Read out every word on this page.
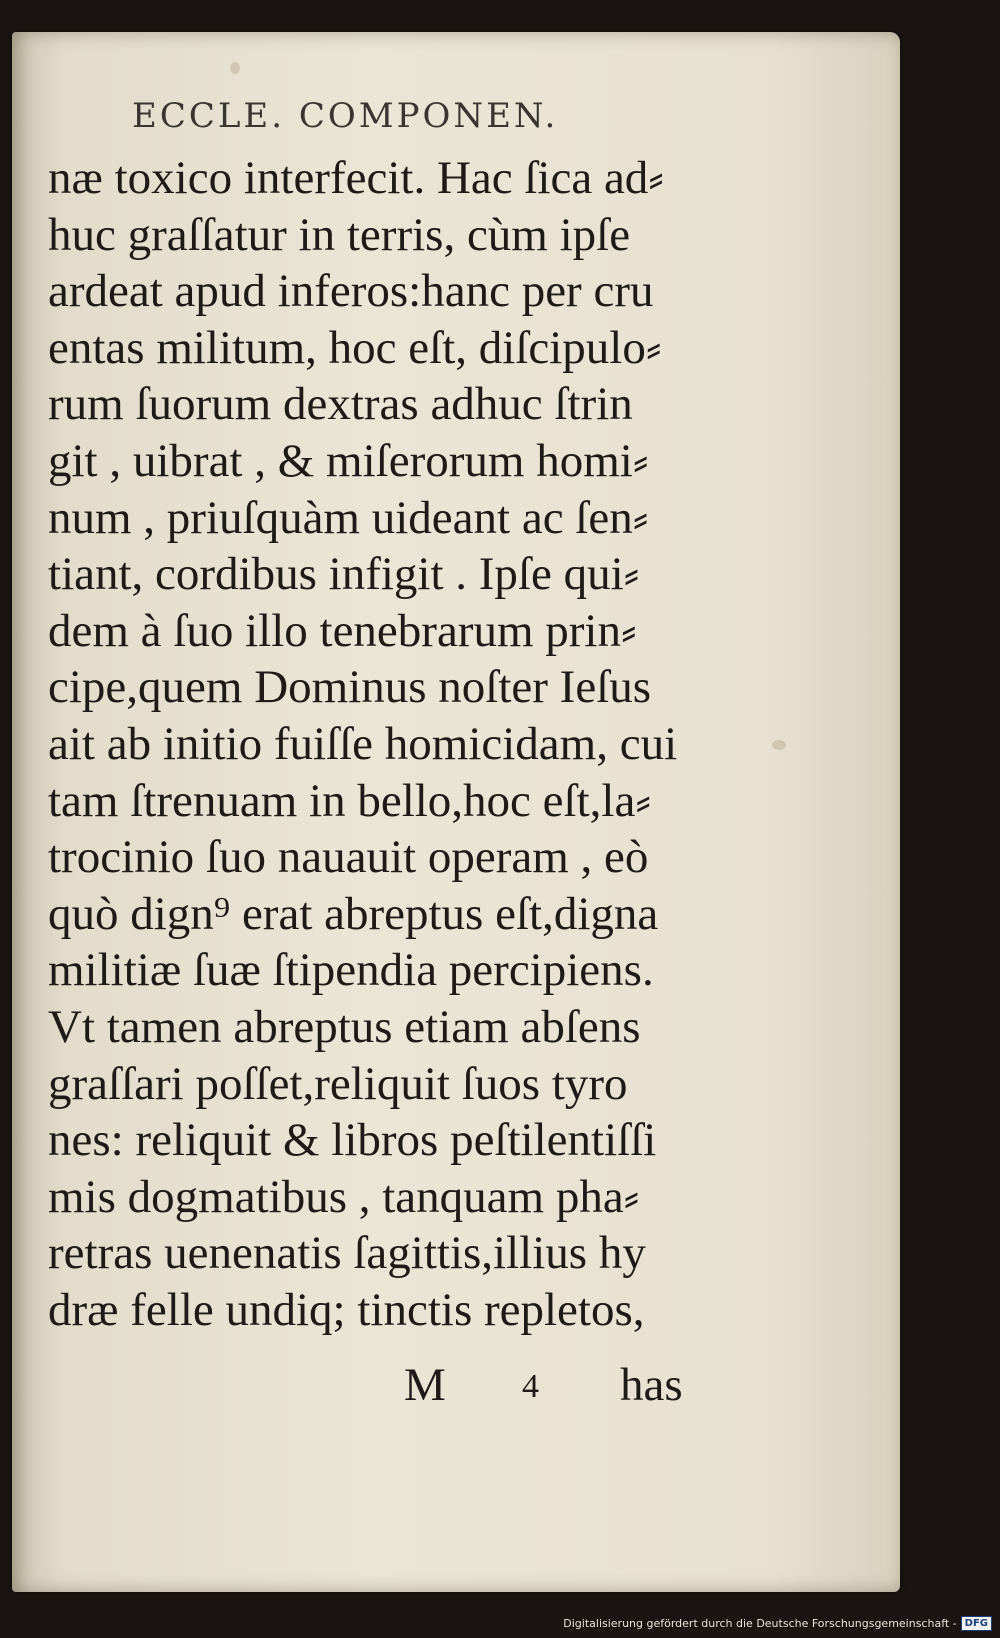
ECCLE. COMPONEN.
næ toxico interfecit. Hac ſica ad⸗
huc graſſatur in terris, cùm ipſe
ardeat apud inferos:hanc per cru
entas militum, hoc eſt, diſcipulo⸗
rum ſuorum dextras adhuc ſtrin
git , uibrat , & miſerorum homi⸗
num , priuſquàm uideant ac ſen⸗
tiant, cordibus infigit . Ipſe qui⸗
dem à ſuo illo tenebrarum prin⸗
cipe,quem Dominus noſter Ieſus
ait ab initio fuiſſe homicidam, cui
tam ſtrenuam in bello,hoc eſt,la⸗
trocinio ſuo nauauit operam , eò
quò dign⁹ erat abreptus eſt,digna
militiæ ſuæ ſtipendia percipiens.
Vt tamen abreptus etiam abſens
graſſari poſſet,reliquit ſuos tyro
nes: reliquit & libros peſtilentiſſi
mis dogmatibus , tanquam pha⸗
retras uenenatis ſagittis,illius hy
dræ felle undiq; tinctis repletos,
M 4 has
Digitalisierung gefördert durch die Deutsche Forschungsgemeinschaft - DFG
